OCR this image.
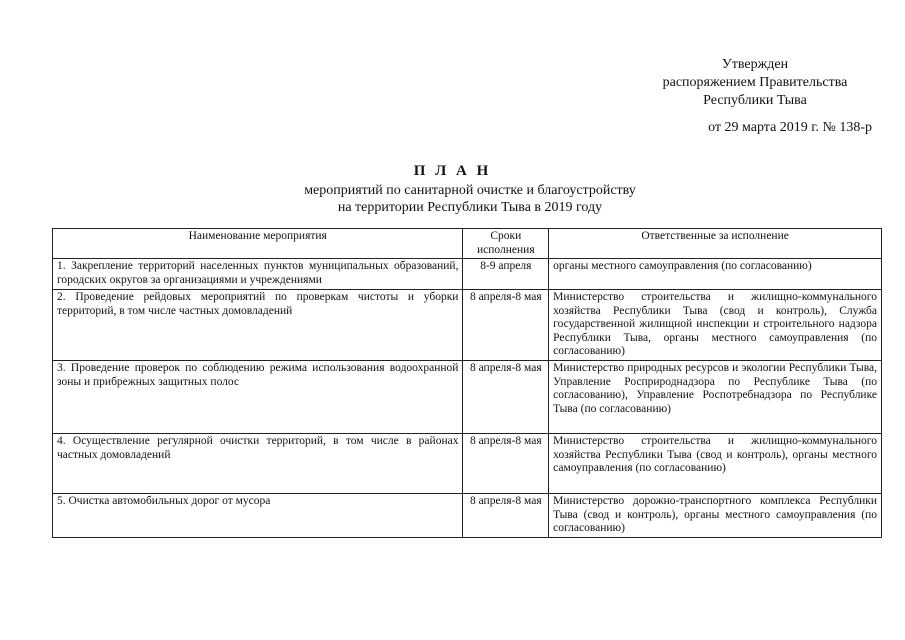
Утвержден
распоряжением Правительства
Республики Тыва
от 29 марта 2019 г. № 138-р
П Л А Н
мероприятий по санитарной очистке и благоустройству
на территории Республики Тыва в 2019 году
Наименование мероприятия	Сроки исполнения	Ответственные за исполнение
1. Закрепление территорий населенных пунктов муниципальных образований, городских округов за организациями и учреждениями	8-9 апреля	органы местного самоуправления (по согласованию)
2. Проведение рейдовых мероприятий по проверкам чистоты и уборки территорий, в том числе частных домовладений	8 апреля-8 мая	Министерство строительства и жилищно-коммунального хозяйства Республики Тыва (свод и контроль), Служба государственной жилищной инспекции и строительного надзора Республики Тыва, органы местного самоуправления (по согласованию)
3. Проведение проверок по соблюдению режима использования водоохранной зоны и прибрежных защитных полос	8 апреля-8 мая	Министерство природных ресурсов и экологии Республики Тыва, Управление Росприроднадзора по Республике Тыва (по согласованию), Управление Роспотребнадзора по Республике Тыва (по согласованию)
4. Осуществление регулярной очистки территорий, в том числе в районах частных домовладений	8 апреля-8 мая	Министерство строительства и жилищно-коммунального хозяйства Республики Тыва (свод и контроль), органы местного самоуправления (по согласованию)
5. Очистка автомобильных дорог от мусора	8 апреля-8 мая	Министерство дорожно-транспортного комплекса Республики Тыва (свод и контроль), органы местного самоуправления (по согласованию)
